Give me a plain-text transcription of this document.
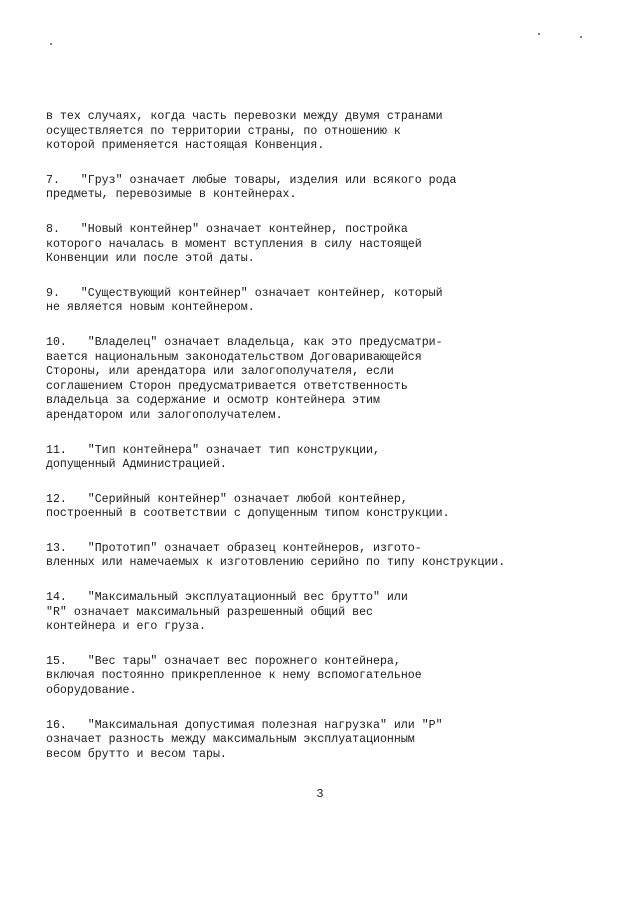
в тех случаях, когда часть перевозки между двумя странами
осуществляется по территории страны, по отношению к
которой применяется настоящая Конвенция.
7.   "Груз" означает любые товары, изделия или всякого рода
предметы, перевозимые в контейнерах.
8.   "Новый контейнер" означает контейнер, постройка
которого началась в момент вступления в силу настоящей
Конвенции или после этой даты.
9.   "Существующий контейнер" означает контейнер, который
не является новым контейнером.
10.   "Владелец" означает владельца, как это предусматри-
вается национальным законодательством Договаривающейся
Стороны, или арендатора или залогополучателя, если
соглашением Сторон предусматривается ответственность
владельца за содержание и осмотр контейнера этим
арендатором или залогополучателем.
11.   "Тип контейнера" означает тип конструкции,
допущенный Администрацией.
12.   "Серийный контейнер" означает любой контейнер,
построенный в соответствии с допущенным типом конструкции.
13.   "Прототип" означает образец контейнеров, изгото-
вленных или намечаемых к изготовлению серийно по типу конструкции.
14.   "Максимальный эксплуатационный вес брутто" или
"R" означает максимальный разрешенный общий вес
контейнера и его груза.
15.   "Вес тары" означает вес порожнего контейнера,
включая постоянно прикрепленное к нему вспомогательное
оборудование.
16.   "Максимальная допустимая полезная нагрузка" или "P"
означает разность между максимальным эксплуатационным
весом брутто и весом тары.
3
